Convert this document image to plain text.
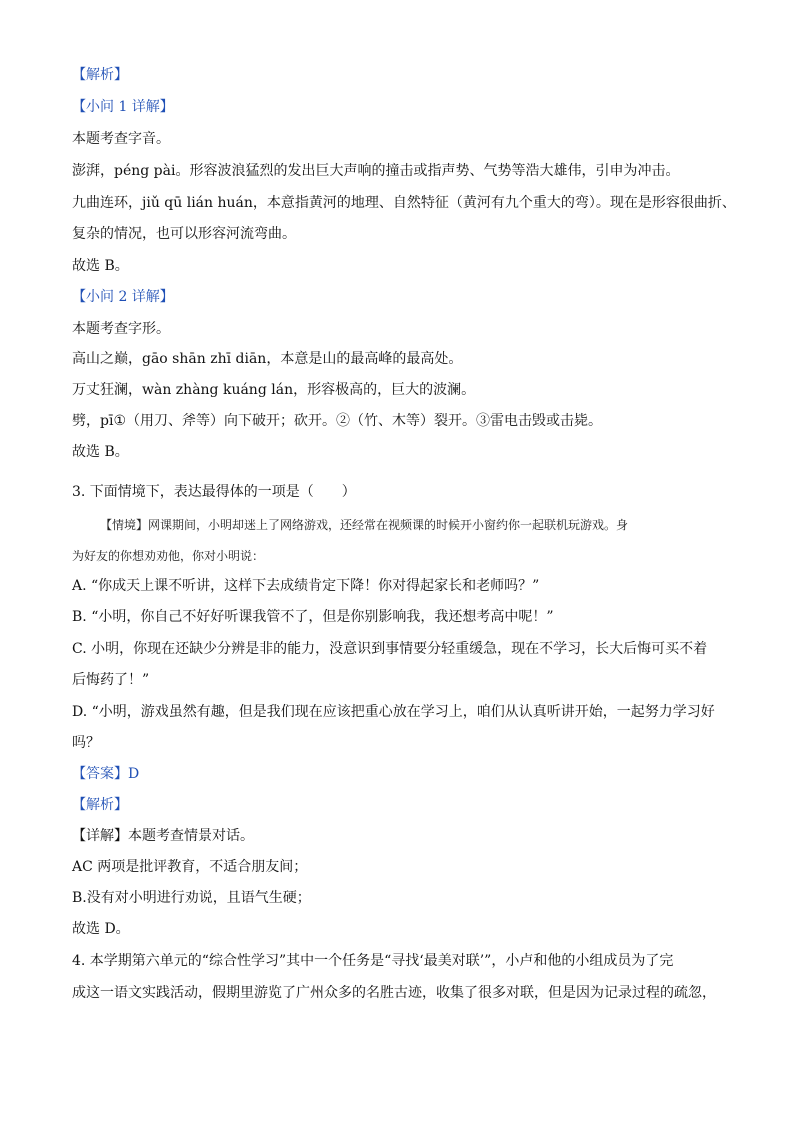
【解析】
【小问 1 详解】
本题考查字音。
澎湃，péng pài。形容波浪猛烈的发出巨大声响的撞击或指声势、气势等浩大雄伟，引申为冲击。
九曲连环，jiǔ qū lián huán，本意指黄河的地理、自然特征（黄河有九个重大的弯）。现在是形容很曲折、
复杂的情况，也可以形容河流弯曲。
故选 B。
【小问 2 详解】
本题考查字形。
高山之巅，gāo shān zhī diān，本意是山的最高峰的最高处。
万丈狂澜，wàn zhàng kuáng lán，形容极高的，巨大的波澜。
劈，pī①（用刀、斧等）向下破开；砍开。②（竹、木等）裂开。③雷电击毁或击毙。
故选 B。
3. 下面情境下，表达最得体的一项是（　　）
【情境】网课期间，小明却迷上了网络游戏，还经常在视频课的时候开小窗约你一起联机玩游戏。身
为好友的你想劝劝他，你对小明说：
A. “你成天上课不听讲，这样下去成绩肯定下降！你对得起家长和老师吗？”
B. “小明，你自己不好好听课我管不了，但是你别影响我，我还想考高中呢！”
C. 小明，你现在还缺少分辨是非的能力，没意识到事情要分轻重缓急，现在不学习，长大后悔可买不着
后悔药了！”
D. “小明，游戏虽然有趣，但是我们现在应该把重心放在学习上，咱们从认真听讲开始，一起努力学习好
吗？
【答案】D
【解析】
【详解】本题考查情景对话。
AC 两项是批评教育，不适合朋友间；
B.没有对小明进行劝说，且语气生硬；
故选 D。
4. 本学期第六单元的“综合性学习”其中一个任务是“寻找‘最美对联’”，小卢和他的小组成员为了完
成这一语文实践活动，假期里游览了广州众多的名胜古迹，收集了很多对联，但是因为记录过程的疏忽，
